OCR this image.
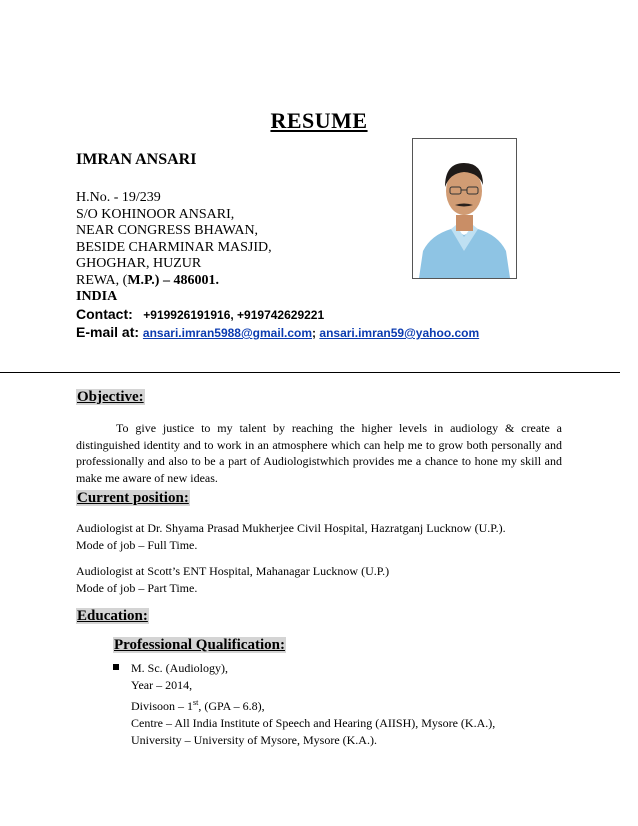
RESUME
IMRAN ANSARI
H.No. - 19/239
S/O KOHINOOR ANSARI,
NEAR CONGRESS BHAWAN,
BESIDE CHARMINAR MASJID,
GHOGHAR, HUZUR
REWA, (M.P.) – 486001.
INDIA
Contact: +919926191916, +919742629221
E-mail at: ansari.imran5988@gmail.com; ansari.imran59@yahoo.com
Objective:
To give justice to my talent by reaching the higher levels in audiology & create a distinguished identity and to work in an atmosphere which can help me to grow both personally and professionally and also to be a part of Audiologistwhich provides me a chance to hone my skill and make me aware of new ideas.
Current position:
Audiologist at Dr. Shyama Prasad Mukherjee Civil Hospital, Hazratganj Lucknow (U.P.).
Mode of job – Full Time.
Audiologist at Scott’s ENT Hospital, Mahanagar Lucknow (U.P.)
Mode of job – Part Time.
Education:
Professional Qualification:
M. Sc. (Audiology),
Year – 2014,
Divisoon – 1st, (GPA – 6.8),
Centre – All India Institute of Speech and Hearing (AIISH), Mysore (K.A.),
University – University of Mysore, Mysore (K.A.).
